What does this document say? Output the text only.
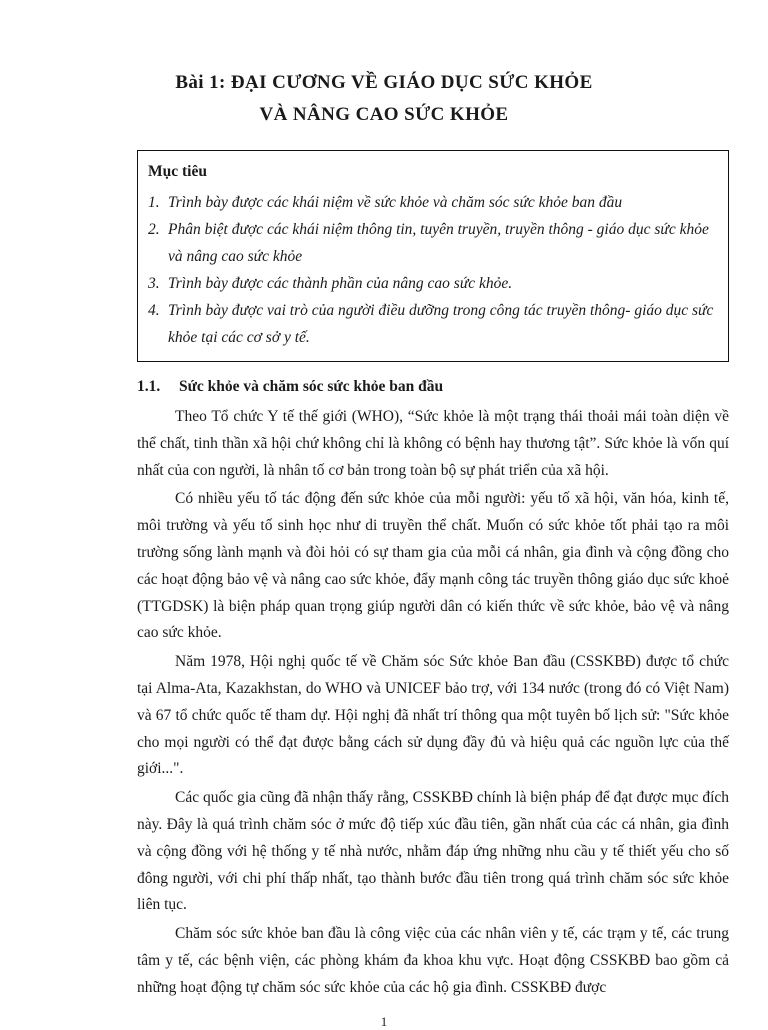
Bài 1: ĐẠI CƯƠNG VỀ GIÁO DỤC SỨC KHỎE
VÀ NÂNG CAO SỨC KHỎE
Mục tiêu
1. Trình bày được các khái niệm về sức khỏe và chăm sóc sức khỏe ban đầu
2. Phân biệt được các khái niệm thông tin, tuyên truyền, truyền thông - giáo dục sức khỏe và nâng cao sức khỏe
3. Trình bày được các thành phần của nâng cao sức khỏe.
4. Trình bày được vai trò của người điều dưỡng trong công tác truyền thông- giáo dục sức khỏe tại các cơ sở y tế.
1.1. Sức khỏe và chăm sóc sức khỏe ban đầu

Theo Tổ chức Y tế thế giới (WHO), “Sức khỏe là một trạng thái thoải mái toàn diện về thể chất, tinh thần xã hội chứ không chỉ là không có bệnh hay thương tật”. Sức khỏe là vốn quí nhất của con người, là nhân tố cơ bản trong toàn bộ sự phát triển của xã hội.

Có nhiều yếu tố tác động đến sức khỏe của mỗi người: yếu tố xã hội, văn hóa, kinh tế, môi trường và yếu tố sinh học như di truyền thể chất. Muốn có sức khỏe tốt phải tạo ra môi trường sống lành mạnh và đòi hỏi có sự tham gia của mỗi cá nhân, gia đình và cộng đồng cho các hoạt động bảo vệ và nâng cao sức khỏe, đẩy mạnh công tác truyền thông giáo dục sức khoẻ (TTGDSK) là biện pháp quan trọng giúp người dân có kiến thức về sức khỏe, bảo vệ và nâng cao sức khỏe.

Năm 1978, Hội nghị quốc tế về Chăm sóc Sức khỏe Ban đầu (CSSKBĐ) được tổ chức tại Alma-Ata, Kazakhstan, do WHO và UNICEF bảo trợ, với 134 nước (trong đó có Việt Nam) và 67 tổ chức quốc tế tham dự. Hội nghị đã nhất trí thông qua một tuyên bố lịch sử: "Sức khỏe cho mọi người có thể đạt được bằng cách sử dụng đầy đủ và hiệu quả các nguồn lực của thế giới...".

Các quốc gia cũng đã nhận thấy rằng, CSSKBĐ chính là biện pháp để đạt được mục đích này. Đây là quá trình chăm sóc ở mức độ tiếp xúc đầu tiên, gần nhất của các cá nhân, gia đình và cộng đồng với hệ thống y tế nhà nước, nhằm đáp ứng những nhu cầu y tế thiết yếu cho số đông người, với chi phí thấp nhất, tạo thành bước đầu tiên trong quá trình chăm sóc sức khỏe liên tục.

Chăm sóc sức khỏe ban đầu là công việc của các nhân viên y tế, các trạm y tế, các trung tâm y tế, các bệnh viện, các phòng khám đa khoa khu vực. Hoạt động CSSKBĐ bao gồm cả những hoạt động tự chăm sóc sức khỏe của các hộ gia đình. CSSKBĐ được

1
